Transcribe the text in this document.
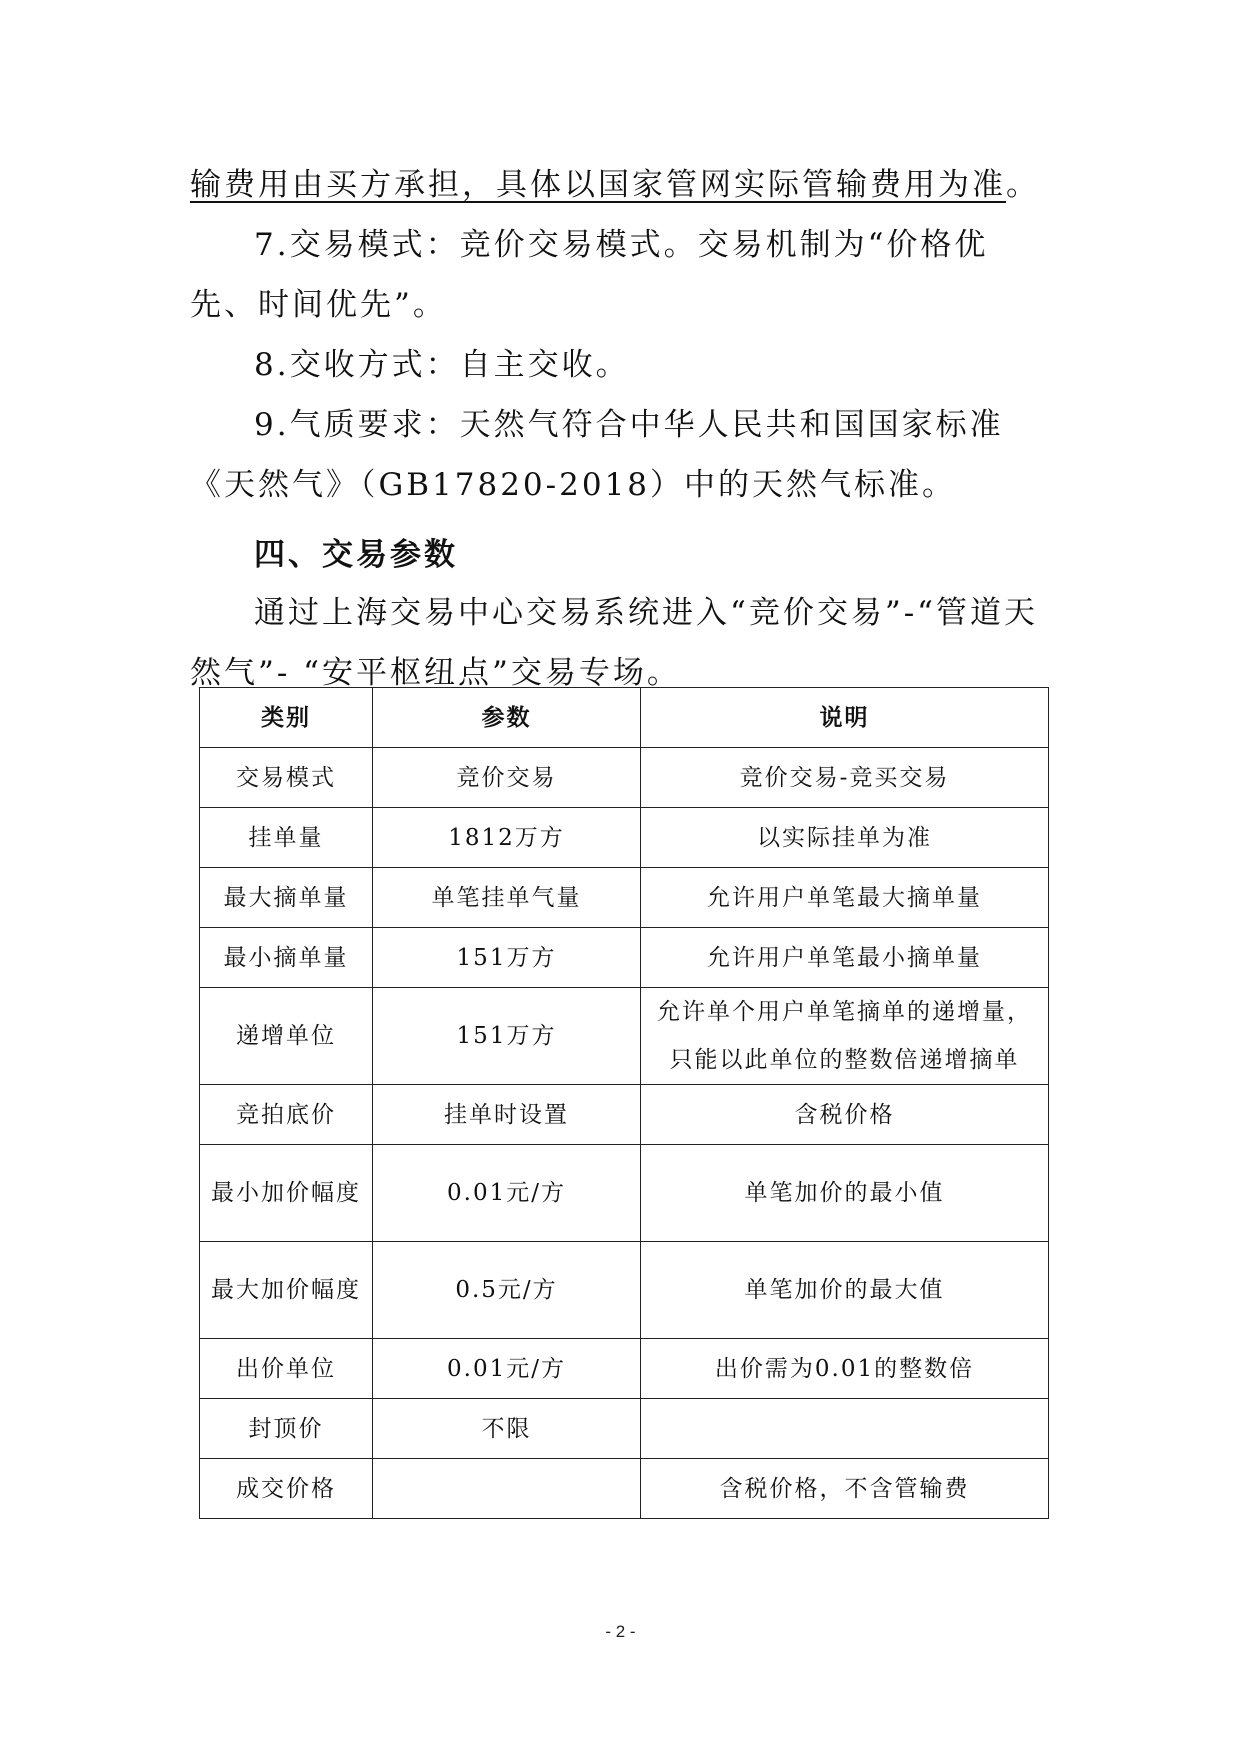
输费用由买方承担，具体以国家管网实际管输费用为准。

7.交易模式：竞价交易模式。交易机制为“价格优先、时间优先”。

8.交收方式：自主交收。

9.气质要求：天然气符合中华人民共和国国家标准《天然气》（GB17820-2018）中的天然气标准。

四、交易参数

通过上海交易中心交易系统进入“竞价交易”-“管道天然气”- “安平枢纽点”交易专场。

类别	参数	说明
交易模式	竞价交易	竞价交易-竞买交易
挂单量	1812万方	以实际挂单为准
最大摘单量	单笔挂单气量	允许用户单笔最大摘单量
最小摘单量	151万方	允许用户单笔最小摘单量
递增单位	151万方	允许单个用户单笔摘单的递增量，只能以此单位的整数倍递增摘单
竞拍底价	挂单时设置	含税价格
最小加价幅度	0.01元/方	单笔加价的最小值
最大加价幅度	0.5元/方	单笔加价的最大值
出价单位	0.01元/方	出价需为0.01的整数倍
封顶价	不限	
成交价格		含税价格，不含管输费
- 2 -
